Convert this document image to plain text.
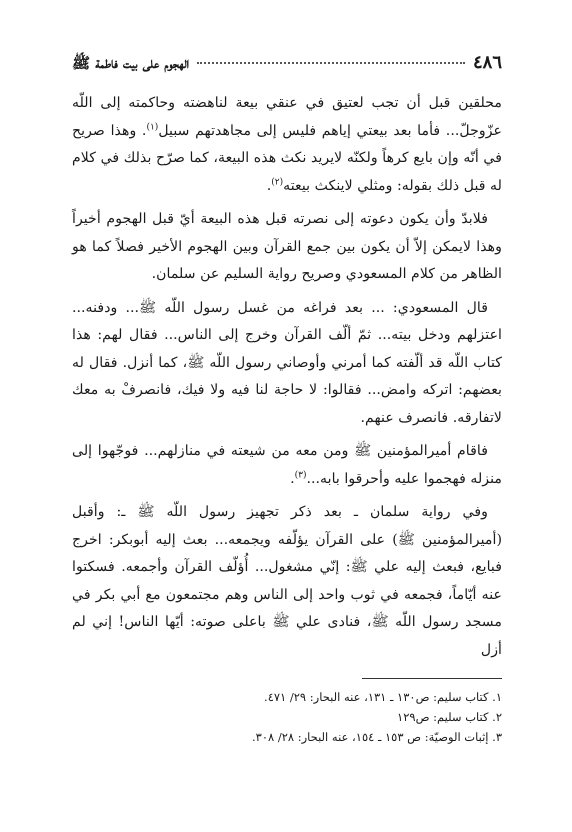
٤٨٦
الهجوم على بيت فاطمة ﷺ

محلقين قبل أن تجب لعتيق في عنقي بيعة لناهضته وحاكمته إلى اللّه عزّوجلّ... فأما بعد بيعتي إياهم فليس إلى مجاهدتهم سبيل$^{(١)}$. وهذا صريح في أنّه وإن بايع كرهاً ولكنّه لايريد نكث هذه البيعة، كما صرّح بذلك في كلام له قبل ذلك بقوله: ومثلي لاينكث بيعته$^{(٢)}$.

فلابدّ وأن يكون دعوته إلى نصرته قبل هذه البيعة أيّ قبل الهجوم أخيراً وهذا لايمكن إلاّ أن يكون بين جمع القرآن وبين الهجوم الأخير فصلاً كما هو الظاهر من كلام المسعودي وصريح رواية السليم عن سلمان.

قال المسعودي: ... بعد فراغه من غسل رسول اللّه ﷺ... ودفنه... اعتزلهم ودخل بيته... ثمّ ألّف القرآن وخرج إلى الناس... فقال لهم: هذا كتاب اللّه قد ألّفته كما أمرني وأوصاني رسول اللّه ﷺ، كما أنزل. فقال له بعضهم: اتركه وامض... فقالوا: لا حاجة لنا فيه ولا فيك، فانصرفْ به معك لاتفارقه. فانصرف عنهم.

فاقام أميرالمؤمنين ﷺ ومن معه من شيعته في منازلهم... فوجّهوا إلى منزله فهجموا عليه وأحرقوا بابه...$^{(٣)}$.

وفي رواية سلمان ـ بعد ذكر تجهيز رسول اللّه ﷺ ـ: وأقبل (أميرالمؤمنين ﷺ) على القرآن يؤلّفه ويجمعه... بعث إليه أبوبكر: اخرج فبايع، فبعث إليه علي ﷺ: إنّي مشغول... أُؤلّف القرآن وأجمعه. فسكتوا عنه أيّاماً، فجمعه في ثوب واحد إلى الناس وهم مجتمعون مع أبي بكر في مسجد رسول اللّه ﷺ، فنادى علي ﷺ باعلى صوته: أيّها الناس! إني لم أزل

١. كتاب سليم: ص١٣٠ ـ ١٣١، عنه البحار: ٢٩/ ٤٧١.

٢. كتاب سليم: ص١٢٩

٣. إثبات الوصيّة: ص ١٥٣ ـ ١٥٤، عنه البحار: ٢٨/ ٣٠٨.
